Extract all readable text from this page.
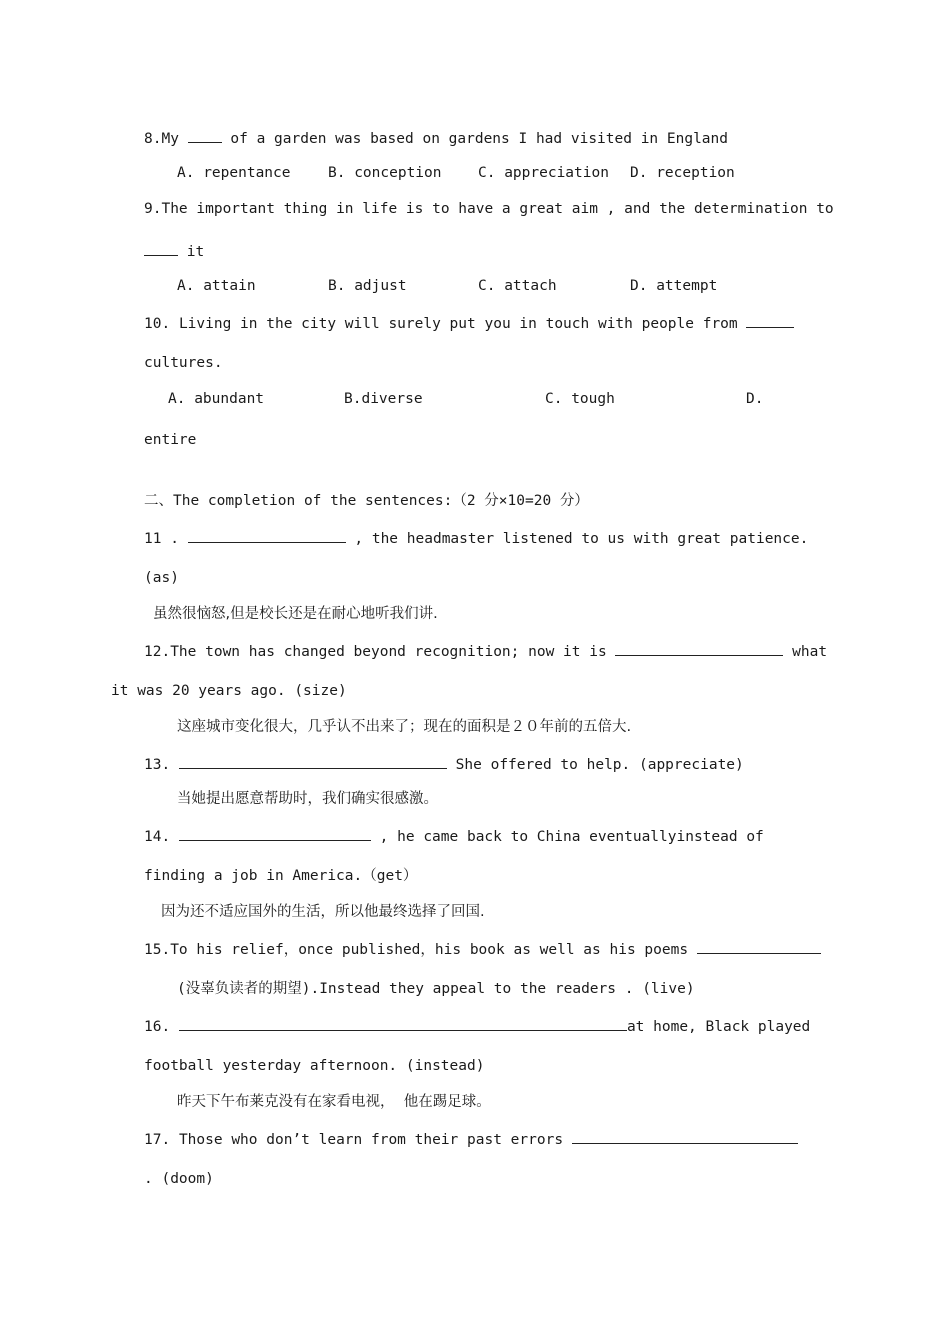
8.My	of a garden was based on gardens I had visited in England
A. repentance	B. conception	C. appreciation D. reception
9.The important thing in life is to have a great aim , and the determination to
it
A. attain	B. adjust	C. attach	D. attempt
10. Living in the city will surely put you in touch with people from
cultures.
A. abundant	B.diverse	C. tough	D.
entire
二、The completion of the sentences:（2 分×10=20 分）
11 .	, the headmaster listened to us with great patience.
(as)
虽然很恼怒,但是校长还是在耐心地听我们讲.
12.The town has changed beyond recognition; now it is	what
it was 20 years ago. (size)
这座城市变化很大，几乎认不出来了；现在的面积是２０年前的五倍大.
13.	She offered to help. (appreciate)
当她提出愿意帮助时，我们确实很感激。
14.	, he came back to China eventuallyinstead of
finding a job in America.（get）
因为还不适应国外的生活，所以他最终选择了回国.
15.To his relief，once published，his book as well as his poems
(没辜负读者的期望).Instead they appeal to the readers . (live)
16.	at home, Black played
football yesterday afternoon. (instead)
昨天下午布莱克没有在家看电视，  他在踢足球。
17. Those who don’t learn from their past errors
. (doom)
